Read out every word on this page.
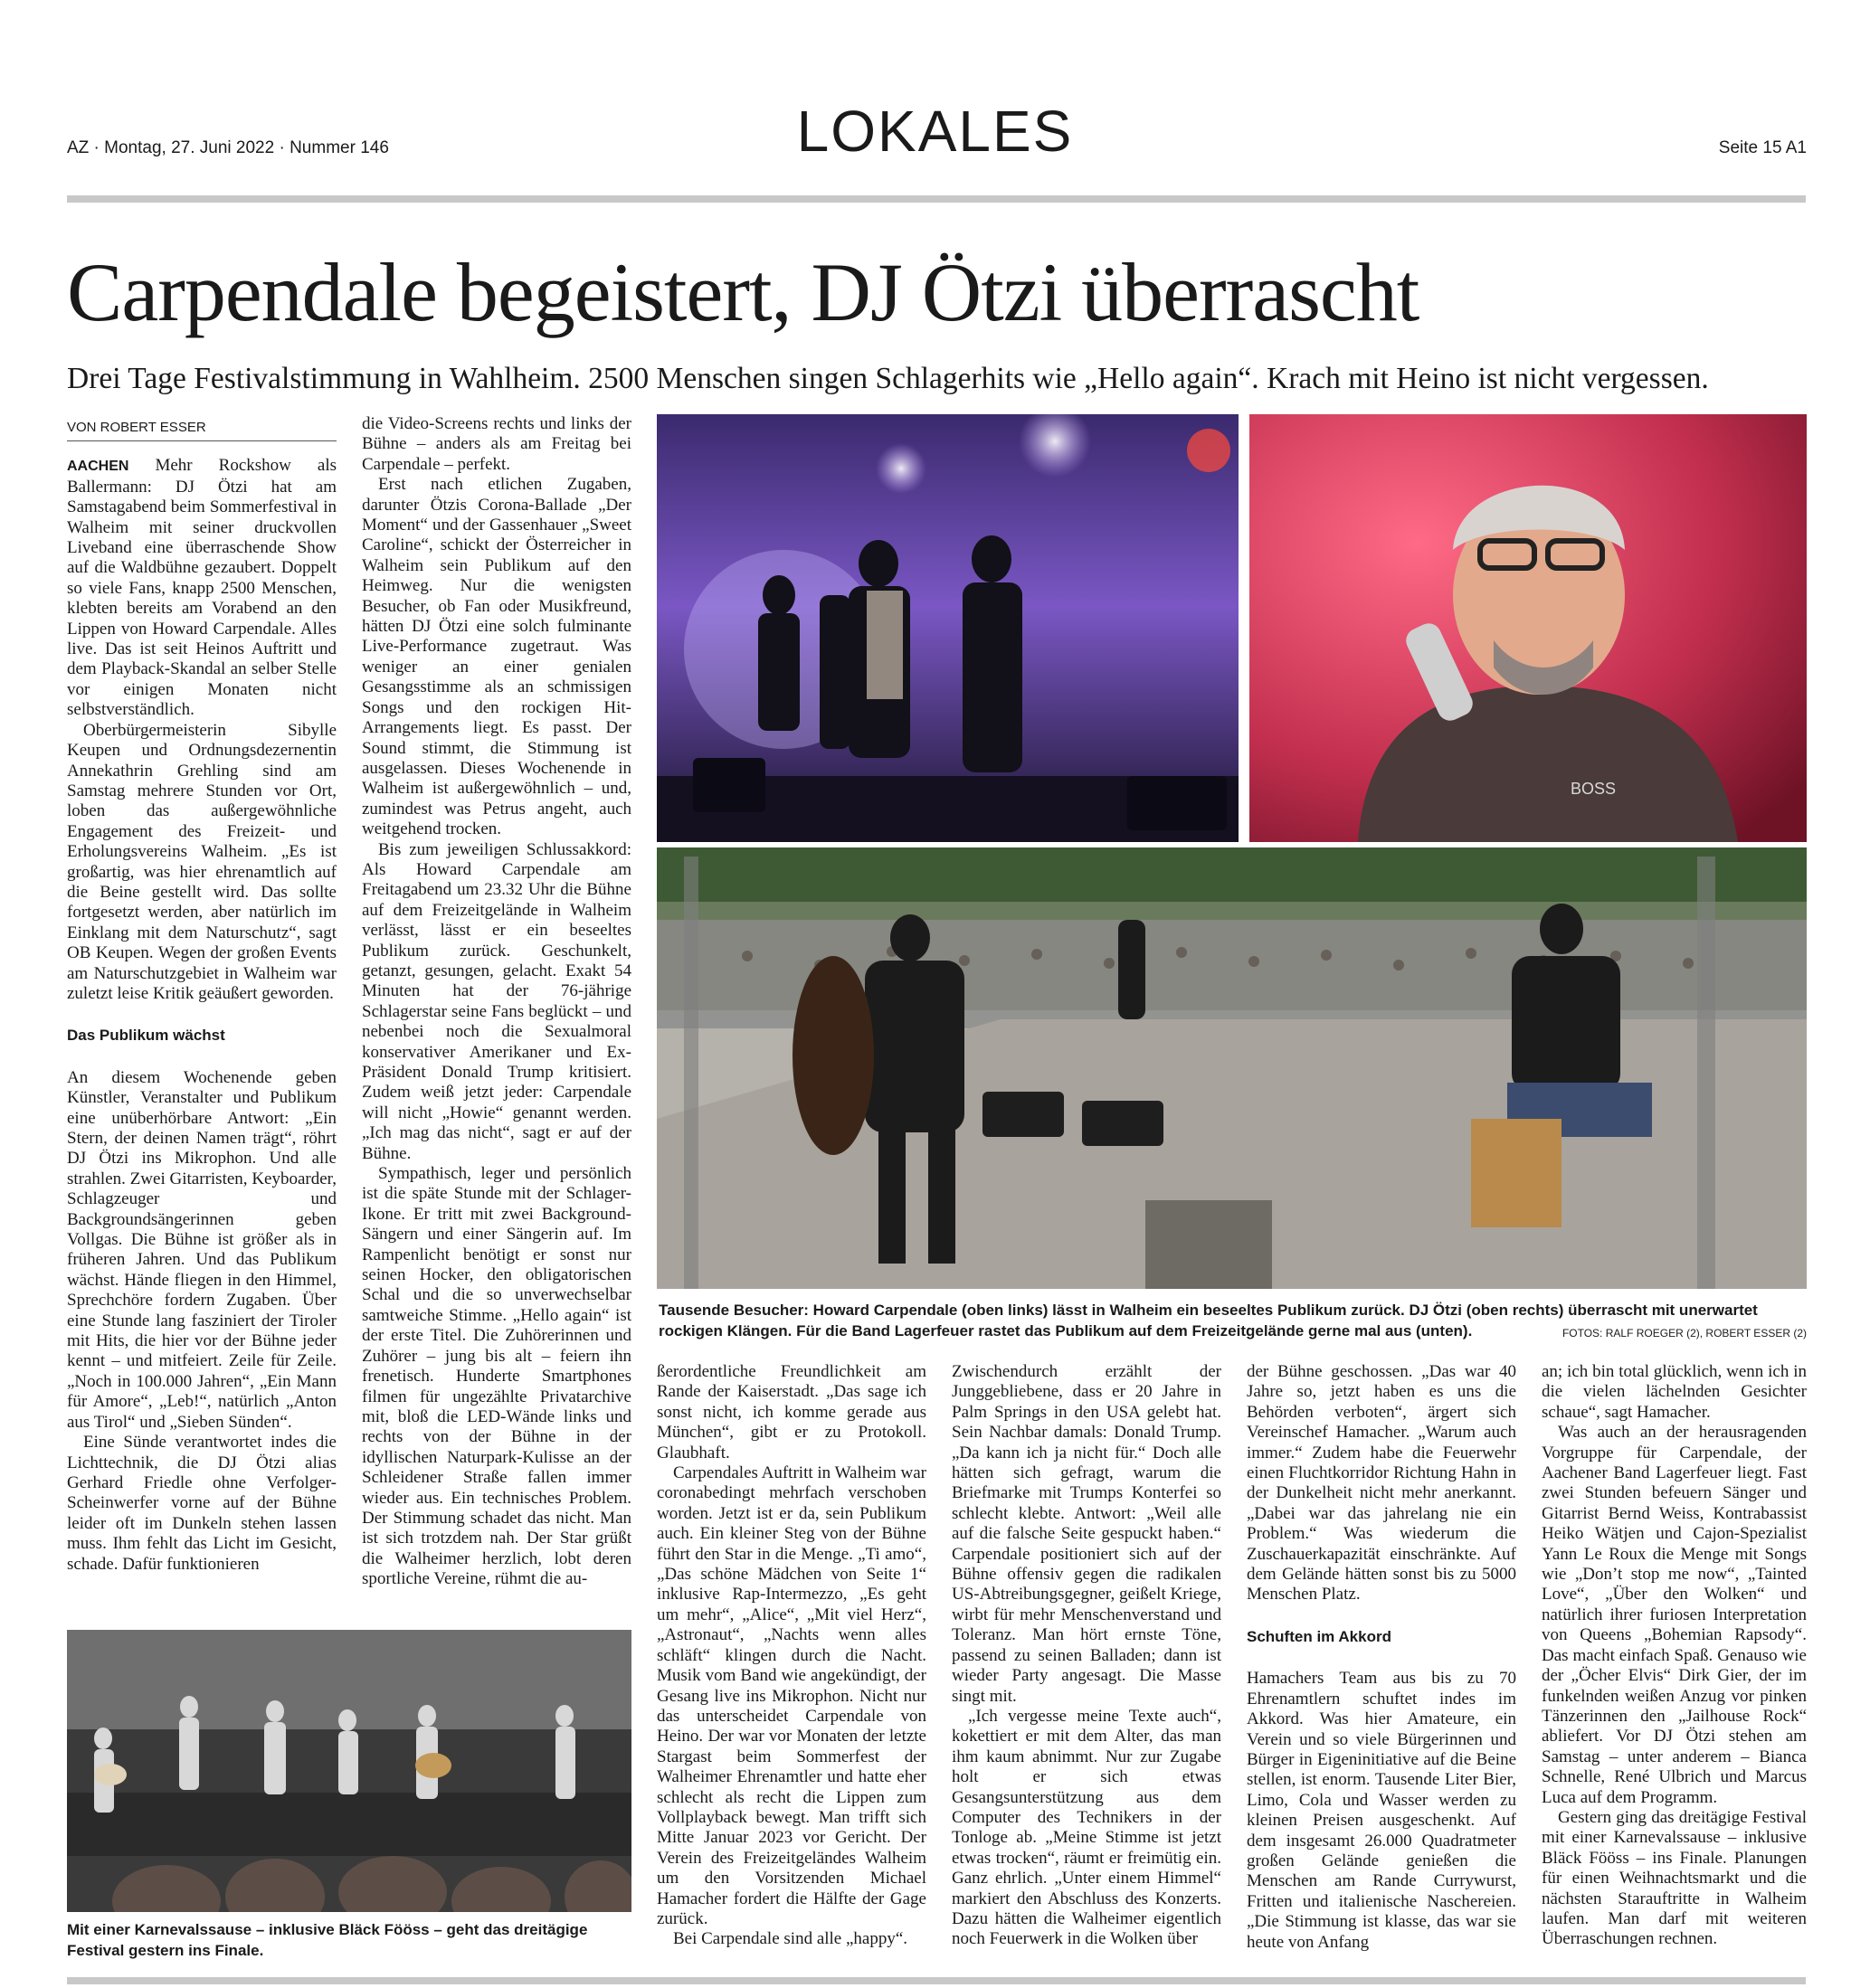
AZ · Montag, 27. Juni 2022 · Nummer 146	LOKALES	Seite 15 A1
Carpendale begeistert, DJ Ötzi überrascht
Drei Tage Festivalstimmung in Wahlheim. 2500 Menschen singen Schlagerhits wie „Hello again“. Krach mit Heino ist nicht vergessen.
VON ROBERT ESSER

AACHEN Mehr Rockshow als Ballermann: DJ Ötzi hat am Samstagabend beim Sommerfestival in Walheim mit seiner druckvollen Liveband eine überraschende Show auf die Waldbühne gezaubert. Doppelt so viele Fans, knapp 2500 Menschen, klebten bereits am Vorabend an den Lippen von Howard Carpendale. Alles live. Das ist seit Heinos Auftritt und dem Playback-Skandal an selber Stelle vor einigen Monaten nicht selbstverständlich.

Oberbürgermeisterin Sibylle Keupen und Ordnungsdezernentin Annekathrin Grehling sind am Samstag mehrere Stunden vor Ort, loben das außergewöhnliche Engagement des Freizeit- und Erholungsvereins Walheim. „Es ist großartig, was hier ehrenamtlich auf die Beine gestellt wird. Das sollte fortgesetzt werden, aber natürlich im Einklang mit dem Naturschutz“, sagt OB Keupen. Wegen der großen Events am Naturschutzgebiet in Walheim war zuletzt leise Kritik geäußert geworden.

Das Publikum wächst

An diesem Wochenende geben Künstler, Veranstalter und Publikum eine unüberhörbare Antwort: „Ein Stern, der deinen Namen trägt“, röhrt DJ Ötzi ins Mikrophon. Und alle strahlen. Zwei Gitarristen, Keyboarder, Schlagzeuger und Backgroundsängerinnen geben Vollgas. Die Bühne ist größer als in früheren Jahren. Und das Publikum wächst. Hände fliegen in den Himmel, Sprechchöre fordern Zugaben. Über eine Stunde lang fasziniert der Tiroler mit Hits, die hier vor der Bühne jeder kennt – und mitfeiert. Zeile für Zeile. „Noch in 100.000 Jahren“, „Ein Mann für Amore“, „Leb!“, natürlich „Anton aus Tirol“ und „Sieben Sünden“.

Eine Sünde verantwortet indes die Lichttechnik, die DJ Ötzi alias Gerhard Friedle ohne Verfolger-Scheinwerfer vorne auf der Bühne leider oft im Dunkeln stehen lassen muss. Ihm fehlt das Licht im Gesicht, schade. Dafür funktionieren

die Video-Screens rechts und links der Bühne – anders als am Freitag bei Carpendale – perfekt.

Erst nach etlichen Zugaben, darunter Ötzis Corona-Ballade „Der Moment“ und der Gassenhauer „Sweet Caroline“, schickt der Österreicher in Walheim sein Publikum auf den Heimweg. Nur die wenigsten Besucher, ob Fan oder Musikfreund, hätten DJ Ötzi eine solch fulminante Live-Performance zugetraut. Was weniger an einer genialen Gesangsstimme als an schmissigen Songs und den rockigen Hit-Arrangements liegt. Es passt. Der Sound stimmt, die Stimmung ist ausgelassen. Dieses Wochenende in Walheim ist außergewöhnlich – und, zumindest was Petrus angeht, auch weitgehend trocken.

Bis zum jeweiligen Schlussakkord: Als Howard Carpendale am Freitagabend um 23.32 Uhr die Bühne auf dem Freizeitgelände in Walheim verlässt, lässt er ein beseeltes Publikum zurück. Geschunkelt, getanzt, gesungen, gelacht. Exakt 54 Minuten hat der 76-jährige Schlagerstar seine Fans beglückt – und nebenbei noch die Sexualmoral konservativer Amerikaner und Ex-Präsident Donald Trump kritisiert. Zudem weiß jetzt jeder: Carpendale will nicht „Howie“ genannt werden. „Ich mag das nicht“, sagt er auf der Bühne.

Sympathisch, leger und persönlich ist die späte Stunde mit der Schlager-Ikone. Er tritt mit zwei Background-Sängern und einer Sängerin auf. Im Rampenlicht benötigt er sonst nur seinen Hocker, den obligatorischen Schal und die so unverwechselbar samtweiche Stimme. „Hello again“ ist der erste Titel. Die Zuhörerinnen und Zuhörer – jung bis alt – feiern ihn frenetisch. Hunderte Smartphones filmen für ungezählte Privatarchive mit, bloß die LED-Wände links und rechts von der Bühne in der idyllischen Naturpark-Kulisse an der Schleidener Straße fallen immer wieder aus. Ein technisches Problem. Der Stimmung schadet das nicht. Man ist sich trotzdem nah. Der Star grüßt die Walheimer herzlich, lobt deren sportliche Vereine, rühmt die au-

BOSS
Tausende Besucher: Howard Carpendale (oben links) lässt in Walheim ein beseeltes Publikum zurück. DJ Ötzi (oben rechts) überrascht mit unerwartet rockigen Klängen. Für die Band Lagerfeuer rastet das Publikum auf dem Freizeitgelände gerne mal aus (unten).	FOTOS: RALF ROEGER (2), ROBERT ESSER (2)

ßerordentliche Freundlichkeit am Rande der Kaiserstadt. „Das sage ich sonst nicht, ich komme gerade aus München“, gibt er zu Protokoll. Glaubhaft.

Carpendales Auftritt in Walheim war coronabedingt mehrfach verschoben worden. Jetzt ist er da, sein Publikum auch. Ein kleiner Steg von der Bühne führt den Star in die Menge. „Ti amo“, „Das schöne Mädchen von Seite 1“ inklusive Rap-Intermezzo, „Es geht um mehr“, „Alice“, „Mit viel Herz“, „Astronaut“, „Nachts wenn alles schläft“ klingen durch die Nacht. Musik vom Band wie angekündigt, der Gesang live ins Mikrophon. Nicht nur das unterscheidet Carpendale von Heino. Der war vor Monaten der letzte Stargast beim Sommerfest der Walheimer Ehrenamtler und hatte eher schlecht als recht die Lippen zum Vollplayback bewegt. Man trifft sich Mitte Januar 2023 vor Gericht. Der Verein des Freizeitgeländes Walheim um den Vorsitzenden Michael Hamacher fordert die Hälfte der Gage zurück.

Bei Carpendale sind alle „happy“.

Zwischendurch erzählt der Junggebliebene, dass er 20 Jahre in Palm Springs in den USA gelebt hat. Sein Nachbar damals: Donald Trump. „Da kann ich ja nicht für.“ Doch alle hätten sich gefragt, warum die Briefmarke mit Trumps Konterfei so schlecht klebte. Antwort: „Weil alle auf die falsche Seite gespuckt haben.“ Carpendale positioniert sich auf der Bühne offensiv gegen die radikalen US-Abtreibungsgegner, geißelt Kriege, wirbt für mehr Menschenverstand und Toleranz. Man hört ernste Töne, passend zu seinen Balladen; dann ist wieder Party angesagt. Die Masse singt mit.

„Ich vergesse meine Texte auch“, kokettiert er mit dem Alter, das man ihm kaum abnimmt. Nur zur Zugabe holt er sich etwas Gesangsunterstützung aus dem Computer des Technikers in der Tonloge ab. „Meine Stimme ist jetzt etwas trocken“, räumt er freimütig ein. Ganz ehrlich. „Unter einem Himmel“ markiert den Abschluss des Konzerts. Dazu hätten die Walheimer eigentlich noch Feuerwerk in die Wolken über

der Bühne geschossen. „Das war 40 Jahre so, jetzt haben es uns die Behörden verboten“, ärgert sich Vereinschef Hamacher. „Warum auch immer.“ Zudem habe die Feuerwehr einen Fluchtkorridor Richtung Hahn in der Dunkelheit nicht mehr anerkannt. „Dabei war das jahrelang nie ein Problem.“ Was wiederum die Zuschauerkapazität einschränkte. Auf dem Gelände hätten sonst bis zu 5000 Menschen Platz.

Schuften im Akkord

Hamachers Team aus bis zu 70 Ehrenamtlern schuftet indes im Akkord. Was hier Amateure, ein Verein und so viele Bürgerinnen und Bürger in Eigeninitiative auf die Beine stellen, ist enorm. Tausende Liter Bier, Limo, Cola und Wasser werden zu kleinen Preisen ausgeschenkt. Auf dem insgesamt 26.000 Quadratmeter großen Gelände genießen die Menschen am Rande Currywurst, Fritten und italienische Naschereien. „Die Stimmung ist klasse, das war sie heute von Anfang

an; ich bin total glücklich, wenn ich in die vielen lächelnden Gesichter schaue“, sagt Hamacher.

Was auch an der herausragenden Vorgruppe für Carpendale, der Aachener Band Lagerfeuer liegt. Fast zwei Stunden befeuern Sänger und Gitarrist Bernd Weiss, Kontrabassist Heiko Wätjen und Cajon-Spezialist Yann Le Roux die Menge mit Songs wie „Don’t stop me now“, „Tainted Love“, „Über den Wolken“ und natürlich ihrer furiosen Interpretation von Queens „Bohemian Rapsody“. Das macht einfach Spaß. Genauso wie der „Öcher Elvis“ Dirk Gier, der im funkelnden weißen Anzug vor pinken Tänzerinnen den „Jailhouse Rock“ abliefert. Vor DJ Ötzi stehen am Samstag – unter anderem – Bianca Schnelle, René Ulbrich und Marcus Luca auf dem Programm.

Gestern ging das dreitägige Festival mit einer Karnevalssause – inklusive Bläck Fööss – ins Finale. Planungen für einen Weihnachtsmarkt und die nächsten Starauftritte in Walheim laufen. Man darf mit weiteren Überraschungen rechnen.

Mit einer Karnevalssause – inklusive Bläck Fööss – geht das dreitägige Festival gestern ins Finale.
